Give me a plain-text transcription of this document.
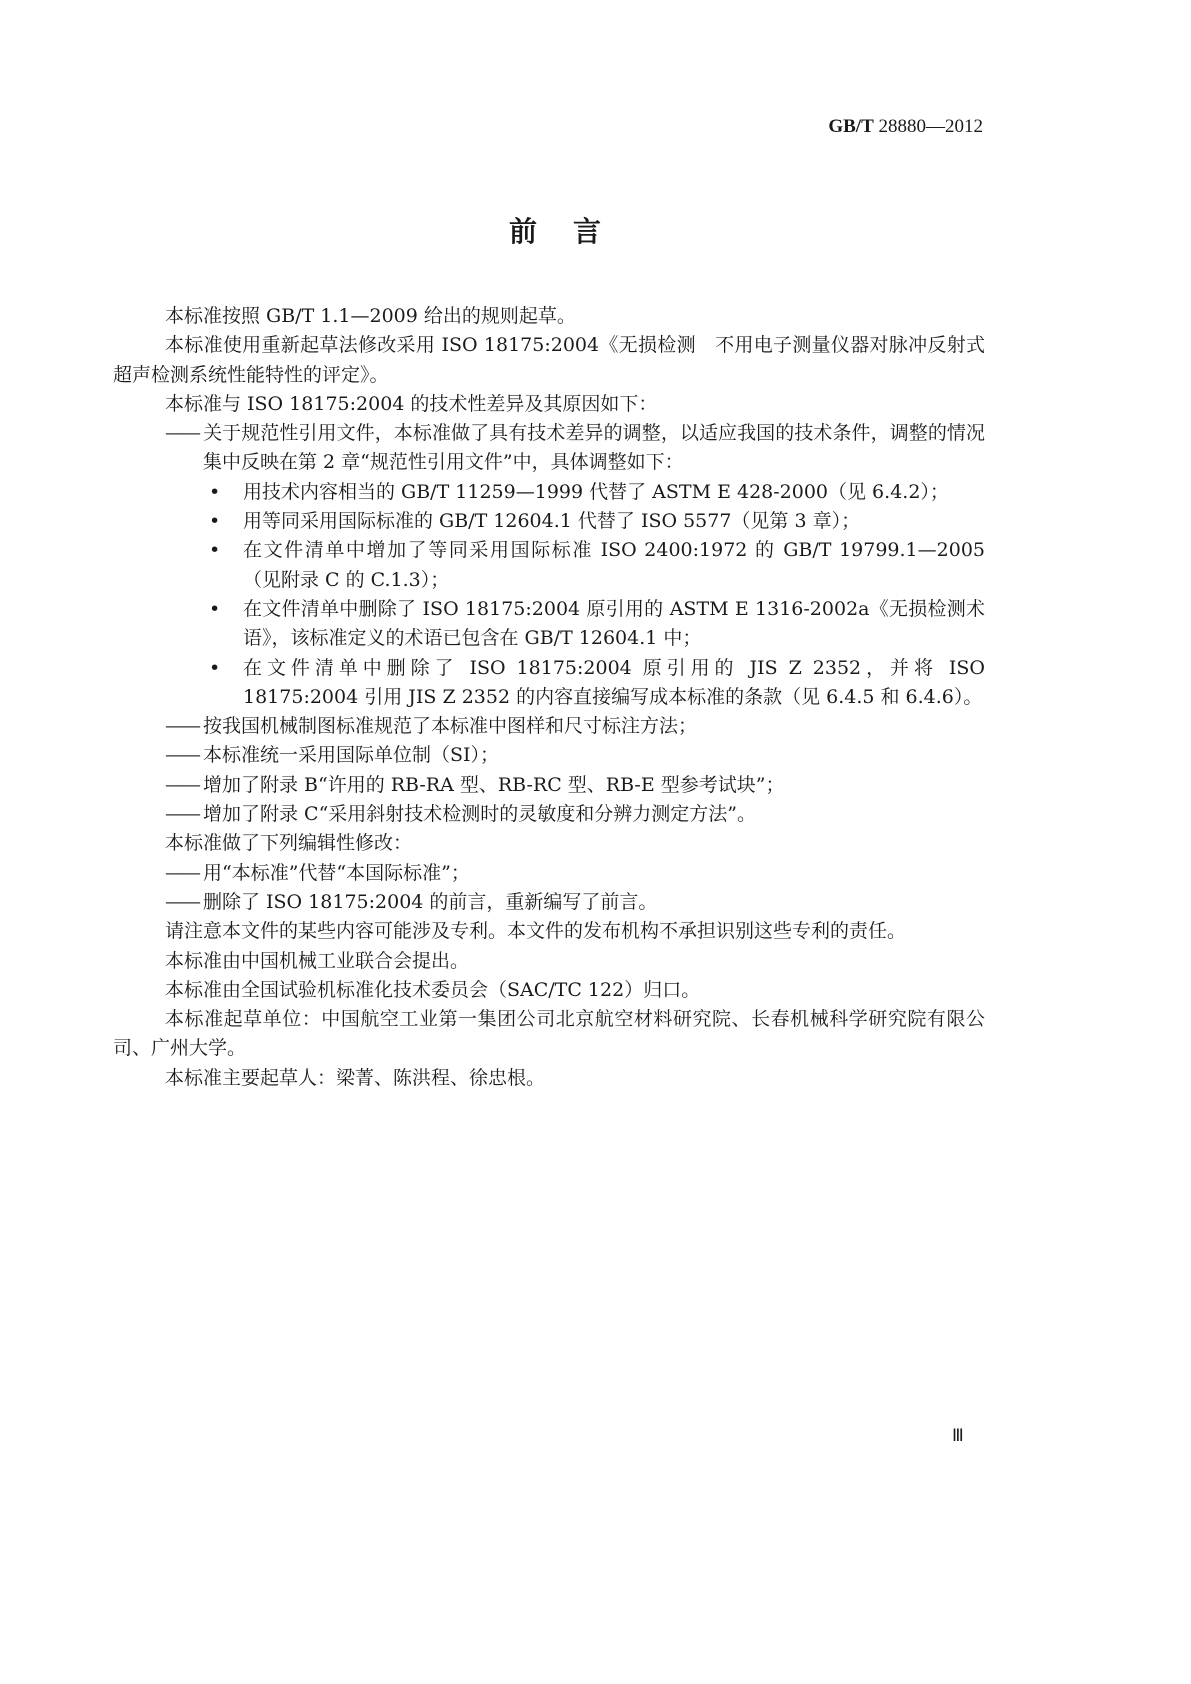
GB/T 28880—2012
前言

本标准按照 GB/T 1.1—2009 给出的规则起草。

本标准使用重新起草法修改采用 ISO 18175:2004《无损检测　不用电子测量仪器对脉冲反射式超声检测系统性能特性的评定》。

本标准与 ISO 18175:2004 的技术性差异及其原因如下：

—— 关于规范性引用文件，本标准做了具有技术差异的调整，以适应我国的技术条件，调整的情况集中反映在第 2 章“规范性引用文件”中，具体调整如下：

• 用技术内容相当的 GB/T 11259—1999 代替了 ASTM E 428-2000（见 6.4.2）；

• 用等同采用国际标准的 GB/T 12604.1 代替了 ISO 5577（见第 3 章）；

• 在文件清单中增加了等同采用国际标准 ISO 2400:1972 的 GB/T 19799.1—2005（见附录 C 的 C.1.3）；

• 在文件清单中删除了 ISO 18175:2004 原引用的 ASTM E 1316-2002a《无损检测术语》，该标准定义的术语已包含在 GB/T 12604.1 中；

• 在文件清单中删除了 ISO 18175:2004 原引用的 JIS Z 2352，并将 ISO 18175:2004 引用 JIS Z 2352 的内容直接编写成本标准的条款（见 6.4.5 和 6.4.6）。

—— 按我国机械制图标准规范了本标准中图样和尺寸标注方法；

—— 本标准统一采用国际单位制（SI）；

—— 增加了附录 B“许用的 RB-RA 型、RB-RC 型、RB-E 型参考试块”；

—— 增加了附录 C“采用斜射技术检测时的灵敏度和分辨力测定方法”。

本标准做了下列编辑性修改：

—— 用“本标准”代替“本国际标准”；

—— 删除了 ISO 18175:2004 的前言，重新编写了前言。

请注意本文件的某些内容可能涉及专利。本文件的发布机构不承担识别这些专利的责任。

本标准由中国机械工业联合会提出。

本标准由全国试验机标准化技术委员会（SAC/TC 122）归口。

本标准起草单位：中国航空工业第一集团公司北京航空材料研究院、长春机械科学研究院有限公司、广州大学。

本标准主要起草人：梁菁、陈洪程、徐忠根。

Ⅲ
